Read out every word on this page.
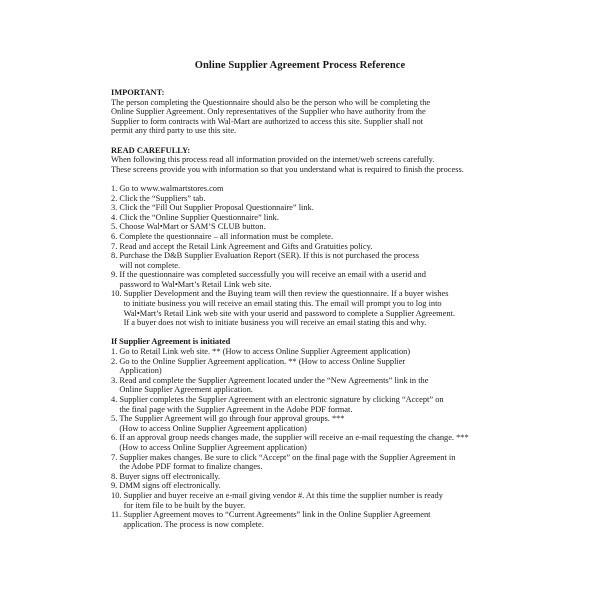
Online Supplier Agreement Process Reference

IMPORTANT:

The person completing the Questionnaire should also be the person who will be completing the

Online Supplier Agreement. Only representatives of the Supplier who have authority from the

Supplier to form contracts with Wal-Mart are authorized to access this site. Supplier shall not

permit any third party to use this site.

READ CAREFULLY:

When following this process read all information provided on the internet/web screens carefully.

These screens provide you with information so that you understand what is required to finish the process.

1.
Go to www.walmartstores.com
2.
Click the “Suppliers” tab.
3.
Click the “Fill Out Supplier Proposal Questionnaire” link.
4.
Click the “Online Supplier Questionnaire” link.
5.
Choose Wal•Mart or SAM’S CLUB button.
6.
Complete the questionnaire – all information must be complete.
7.
Read and accept the Retail Link Agreement and Gifts and Gratuities policy.
8.
Purchase the D&B Supplier Evaluation Report (SER). If this is not purchased the process
will not complete.
9.
If the questionnaire was completed successfully you will receive an email with a userid and
password to Wal•Mart’s Retail Link web site.
10.
Supplier Development and the Buying team will then review the questionnaire. If a buyer wishes
to initiate business you will receive an email stating this. The email will prompt you to log into
Wal•Mart’s Retail Link web site with your userid and password to complete a Supplier Agreement.
If a buyer does not wish to initiate business you will receive an email stating this and why.

If Supplier Agreement is initiated

1.
Go to Retail Link web site. ** (How to access Online Supplier Agreement application)
2.
Go to the Online Supplier Agreement application. ** (How to access Online Supplier
Application)
3.
Read and complete the Supplier Agreement located under the “New Agreements” link in the
Online Supplier Agreement application.
4.
Supplier completes the Supplier Agreement with an electronic signature by clicking “Accept” on
the final page with the Supplier Agreement in the Adobe PDF format.
5.
The Supplier Agreement will go through four approval groups. ***
(How to access Online Supplier Agreement application)
6.
If an approval group needs changes made, the supplier will receive an e-mail requesting the change. ***
(How to access Online Supplier Agreement application)
7.
Supplier makes changes. Be sure to click “Accept” on the final page with the Supplier Agreement in
the Adobe PDF format to finalize changes.
8.
Buyer signs off electronically.
9.
DMM signs off electronically.
10.
Supplier and buyer receive an e-mail giving vendor #. At this time the supplier number is ready
for item file to be built by the buyer.
11.
Supplier Agreement moves to “Current Agreements” link in the Online Supplier Agreement
application. The process is now complete.
